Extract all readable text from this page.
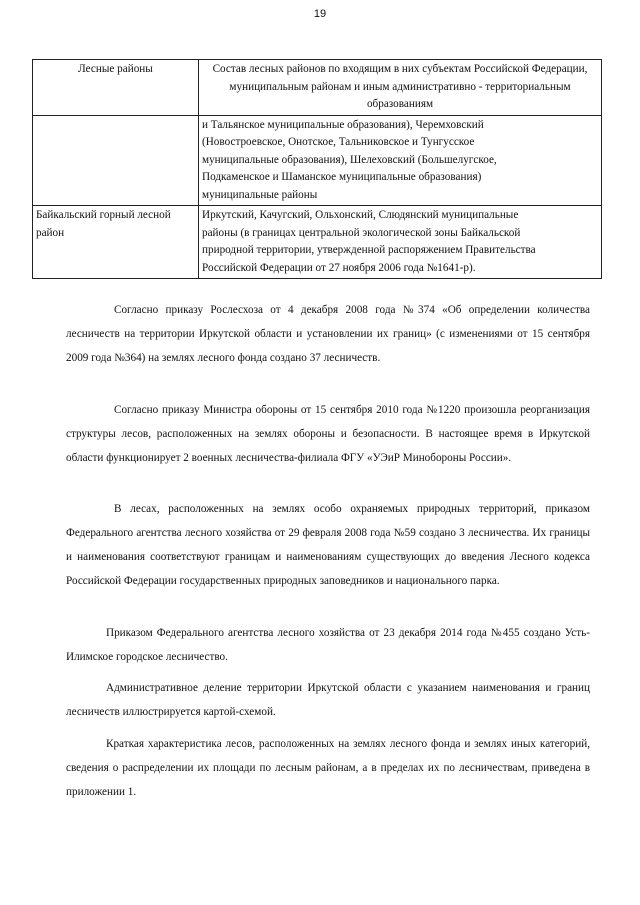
19
Лесные районы	Состав лесных районов по входящим в них субъектам Российской Федерации, муниципальным районам и иным административно - территориальным образованиям
	и Тальянское муниципальные образования), Черемховский
(Новостроевское, Онотское, Тальниковское и Тунгусское
муниципальные образования), Шелеховский (Большелугское,
Подкаменское и Шаманское муниципальные образования)
муниципальные районы
Байкальский горный лесной район	Иркутский, Качугский, Ольхонский, Слюдянский муниципальные
районы (в границах центральной экологической зоны Байкальской
природной территории, утвержденной распоряжением Правительства
Российской Федерации от 27 ноября 2006 года №1641-р).

Согласно приказу Рослесхоза от 4 декабря 2008 года №374 «Об определении количества лесничеств на территории Иркутской области и установлении их границ» (с изменениями от 15 сентября 2009 года №364) на землях лесного фонда создано 37 лесничеств.

Согласно приказу Министра обороны от 15 сентября 2010 года №1220 произошла реорганизация структуры лесов, расположенных на землях обороны и безопасности. В настоящее время в Иркутской области функционирует 2 военных лесничества-филиала ФГУ «УЭиР Минобороны России».

В лесах, расположенных на землях особо охраняемых природных территорий, приказом Федерального агентства лесного хозяйства от 29 февраля 2008 года №59 создано 3 лесничества. Их границы и наименования соответствуют границам и наименованиям существующих до введения Лесного кодекса Российской Федерации государственных природных заповедников и национального парка.

Приказом Федерального агентства лесного хозяйства от 23 декабря 2014 года №455 создано Усть-Илимское городское лесничество.

Административное деление территории Иркутской области с указанием наименования и границ лесничеств иллюстрируется картой-схемой.

Краткая характеристика лесов, расположенных на землях лесного фонда и землях иных категорий, сведения о распределении их площади по лесным районам, а в пределах их по лесничествам, приведена в приложении 1.
